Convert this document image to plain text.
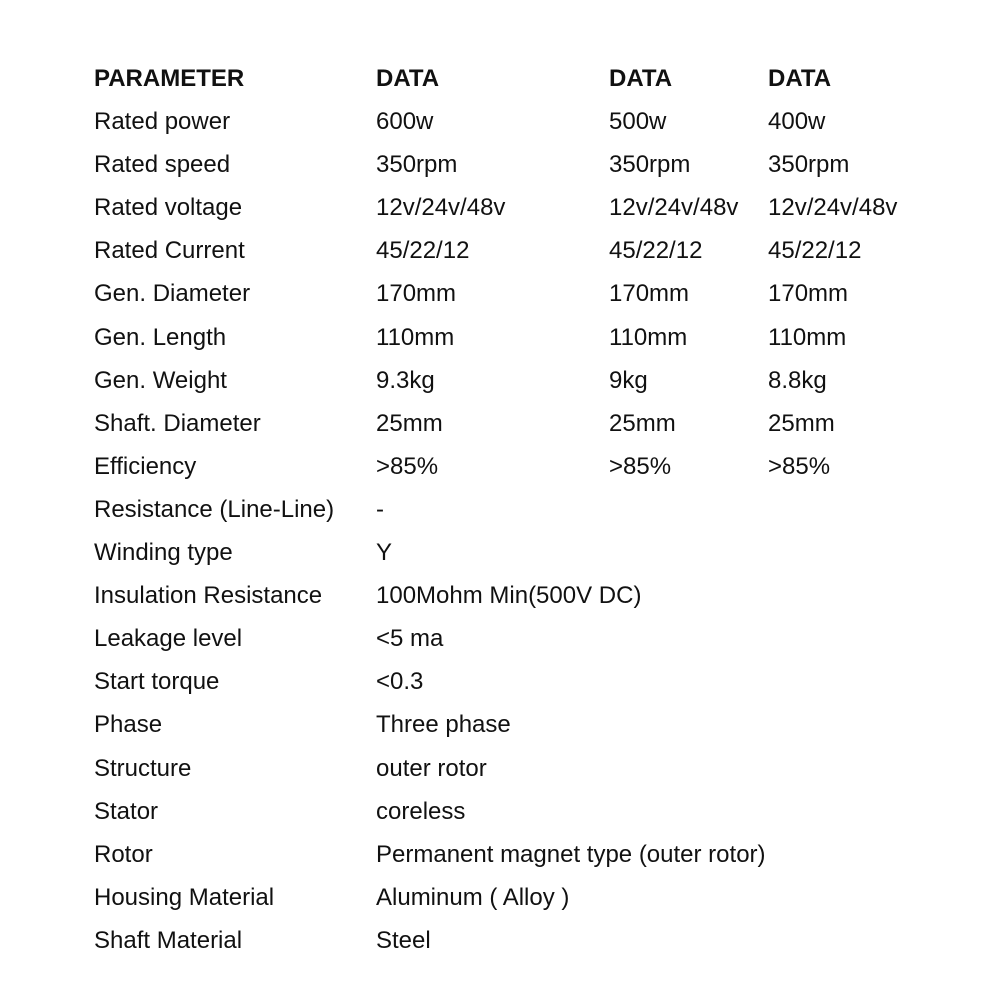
PARAMETER	DATA	DATA	DATA
Rated power	600w	500w	400w
Rated speed	350rpm	350rpm	350rpm
Rated voltage	12v/24v/48v	12v/24v/48v 12v/24v/48v
Rated Current	45/22/12	45/22/12	45/22/12
Gen. Diameter	170mm	170mm	170mm
Gen. Length	110mm	110mm	110mm
Gen. Weight	9.3kg	9kg	8.8kg
Shaft. Diameter	25mm	25mm	25mm
Efficiency	>85%	>85%	>85%
Resistance (Line-Line) -
Winding type	Y
Insulation Resistance 100Mohm Min(500V DC)
Leakage level	<5 ma
Start torque	<0.3
Phase	Three phase
Structure	outer rotor
Stator	coreless
Rotor	Permanent magnet type (outer rotor)
Housing Material	Aluminum ( Alloy )
Shaft Material	Steel
